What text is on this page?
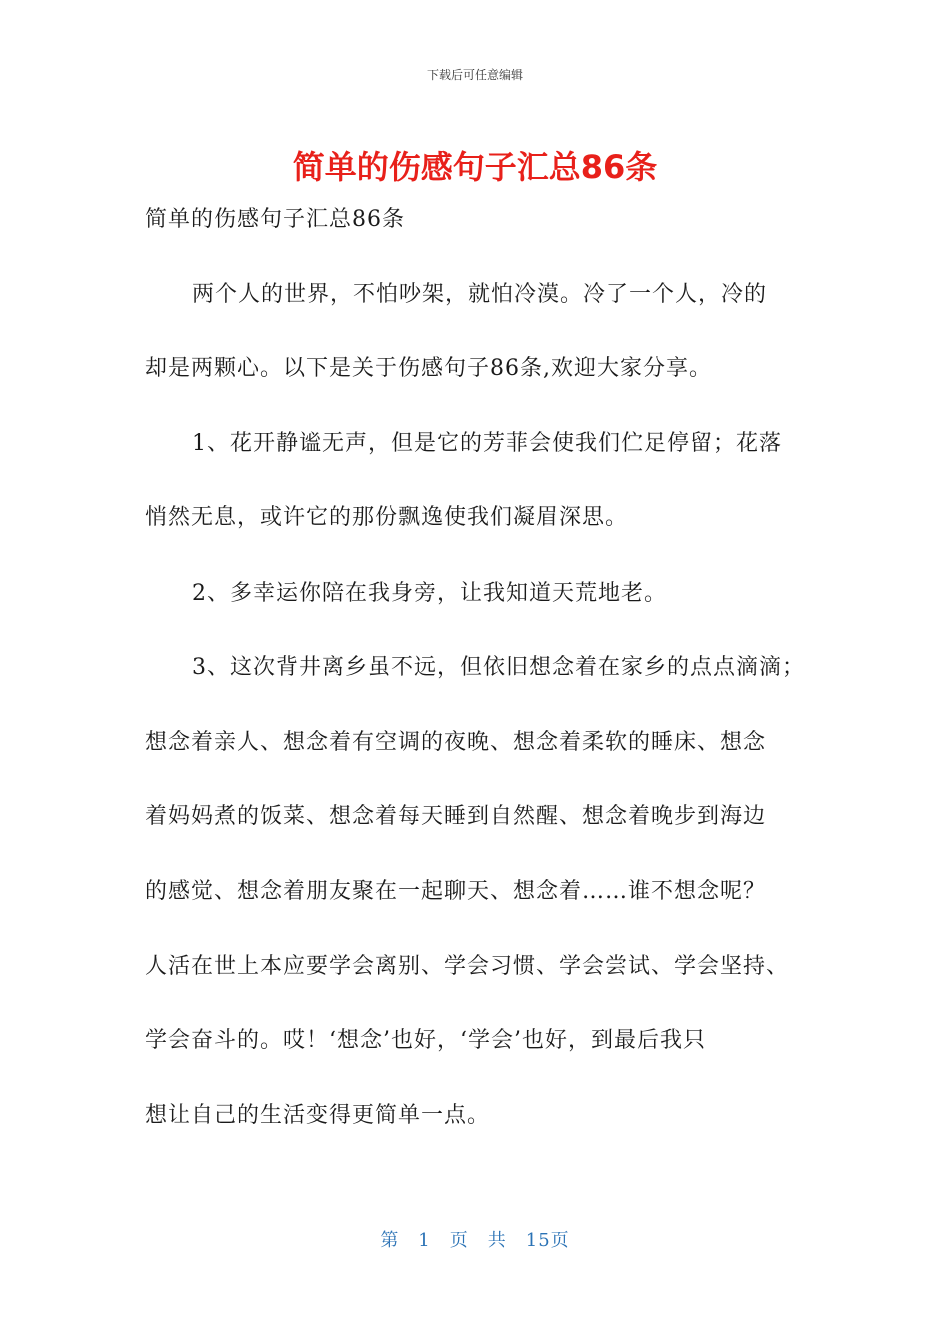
下载后可任意编辑
简单的伤感句子汇总86条
简单的伤感句子汇总86条
两个人的世界，不怕吵架，就怕冷漠。冷了一个人，冷的
却是两颗心。以下是关于伤感句子86条,欢迎大家分享。
1、花开静谧无声，但是它的芳菲会使我们伫足停留；花落
悄然无息，或许它的那份飘逸使我们凝眉深思。
2、多幸运你陪在我身旁，让我知道天荒地老。
3、这次背井离乡虽不远，但依旧想念着在家乡的点点滴滴；
想念着亲人、想念着有空调的夜晚、想念着柔软的睡床、想念
着妈妈煮的饭菜、想念着每天睡到自然醒、想念着晚步到海边
的感觉、想念着朋友聚在一起聊天、想念着……谁不想念呢？
人活在世上本应要学会离别、学会习惯、学会尝试、学会坚持、
学会奋斗的。哎！‘想念’也好，‘学会’也好，到最后我只
想让自己的生活变得更简单一点。
第　1　页　共　15页
